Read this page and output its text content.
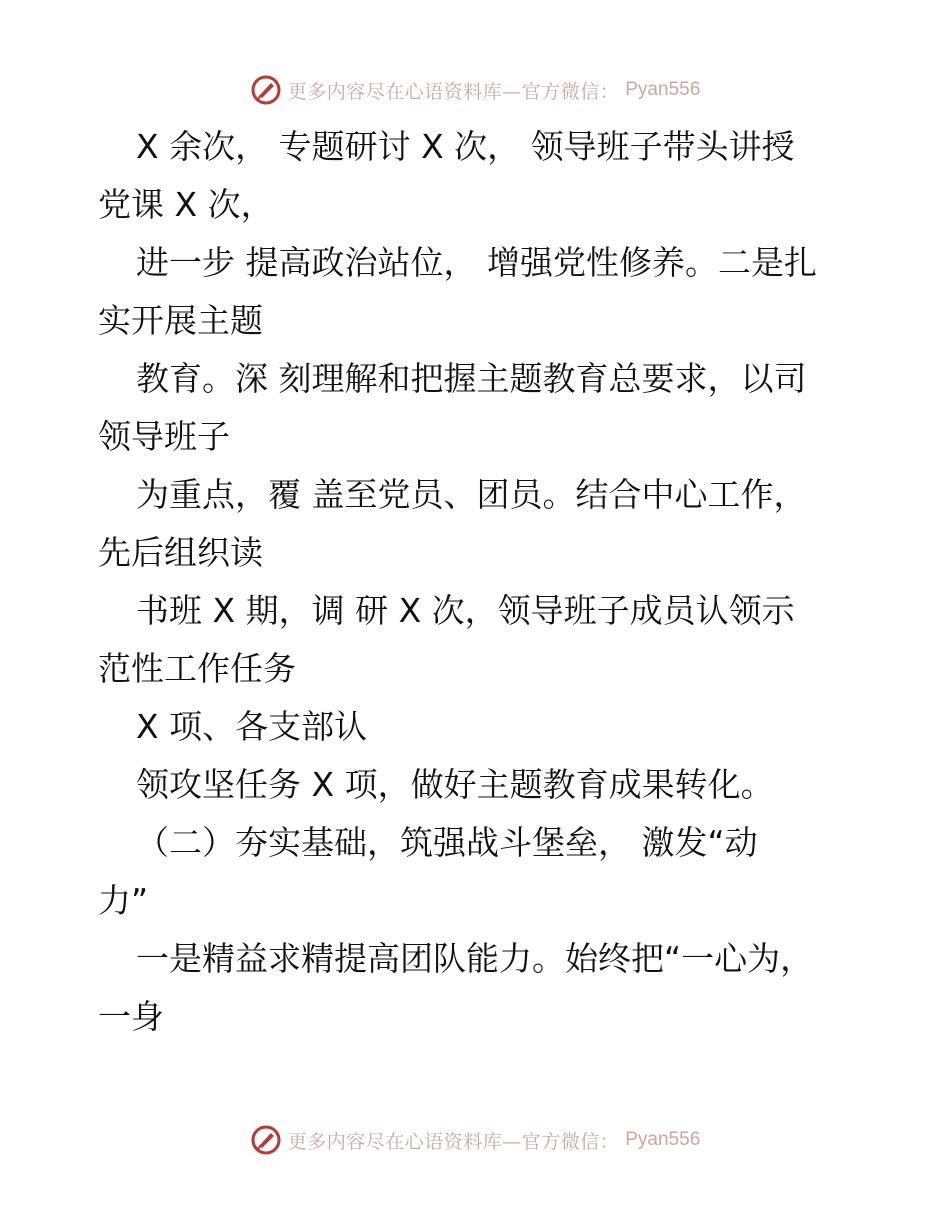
更多内容尽在心语资料库—官方微信： Pyan556
X 余次， 专题研讨 X 次， 领导班子带头讲授
党课 X 次，
进一步 提高政治站位， 增强党性修养。二是扎
实开展主题
教育。深 刻理解和把握主题教育总要求，以司
领导班子
为重点，覆 盖至党员、团员。结合中心工作，
先后组织读
书班 X 期，调 研 X 次，领导班子成员认领示
范性工作任务
X 项、各支部认
领攻坚任务 X 项，做好主题教育成果转化。
（二）夯实基础，筑强战斗堡垒， 激发“动
力”
一是精益求精提高团队能力。始终把“一心为，
一身
更多内容尽在心语资料库—官方微信： Pyan556
